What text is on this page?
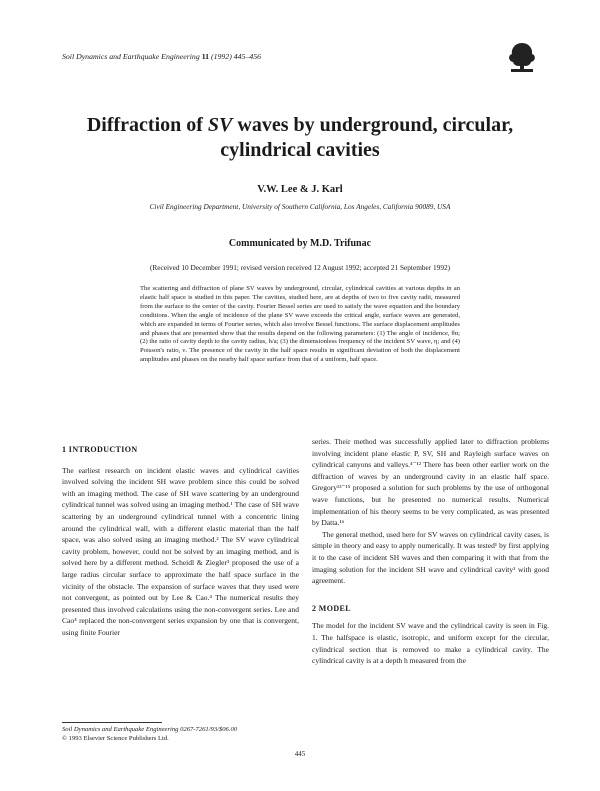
Soil Dynamics and Earthquake Engineering 11 (1992) 445–456
Diffraction of SV waves by underground, circular,
cylindrical cavities
V.W. Lee & J. Karl
Civil Engineering Department, University of Southern California, Los Angeles, California 90089, USA
Communicated by M.D. Trifunac
(Received 10 December 1991; revised version received 12 August 1992; accepted 21 September 1992)
The scattering and diffraction of plane SV waves by underground, circular, cylindrical cavities at various depths in an elastic half space is studied in this paper. The cavities, studied here, are at depths of two to five cavity radii, measured from the surface to the center of the cavity. Fourier Bessel series are used to satisfy the wave equation and the boundary conditions. When the angle of incidence of the plane SV wave exceeds the critical angle, surface waves are generated, which are expanded in terms of Fourier series, which also involve Bessel functions. The surface displacement amplitudes and phases that are presented show that the results depend on the following parameters: (1) The angle of incidence, θα; (2) the ratio of cavity depth to the cavity radius, h/a; (3) the dimensionless frequency of the incident SV wave, η; and (4) Poisson's ratio, ν. The presence of the cavity in the half space results in significant deviation of both the displacement amplitudes and phases on the nearby half space surface from that of a uniform, half space.
1 INTRODUCTION

The earliest research on incident elastic waves and cylindrical cavities involved solving the incident SH wave problem since this could be solved with an imaging method. The case of SH wave scattering by an underground cylindrical tunnel was solved using an imaging method.¹ The case of SH wave scattering by an underground cylindrical tunnel with a concentric lining around the cylindrical wall, with a different elastic material than the half space, was also solved using an imaging method.² The SV wave cylindrical cavity problem, however, could not be solved by an imaging method, and is solved here by a different method. Scheidl & Ziegler³ proposed the use of a large radius circular surface to approximate the half space surface in the vicinity of the obstacle. The expansion of surface waves that they used were not convergent, as pointed out by Lee & Cao.⁴ The numerical results they presented thus involved calculations using the non-convergent series. Lee and Cao⁴ replaced the non-convergent series expansion by one that is convergent, using finite Fourier

series. Their method was successfully applied later to diffraction problems involving incident plane elastic P, SV, SH and Rayleigh surface waves on cylindrical canyons and valleys.⁴⁻¹² There has been other earlier work on the diffraction of waves by an underground cavity in an elastic half space. Gregory¹³⁻¹⁵ proposed a solution for such problems by the use of orthogonal wave functions, but he presented no numerical results. Numerical implementation of his theory seems to be very complicated, as was presented by Datta.¹⁶

The general method, used here for SV waves on cylindrical cavity cases, is simple in theory and easy to apply numerically. It was tested¹ by first applying it to the case of incident SH waves and then comparing it with that from the imaging solution for the incident SH wave and cylindrical cavity¹ with good agreement.

2 MODEL

The model for the incident SV wave and the cylindrical cavity is seen in Fig. 1. The halfspace is elastic, isotropic, and uniform except for the circular, cylindrical section that is removed to make a cylindrical cavity. The cylindrical cavity is at a depth h measured from the

Soil Dynamics and Earthquake Engineering 0267-7261/93/$06.00
© 1993 Elsevier Science Publishers Ltd.
445
